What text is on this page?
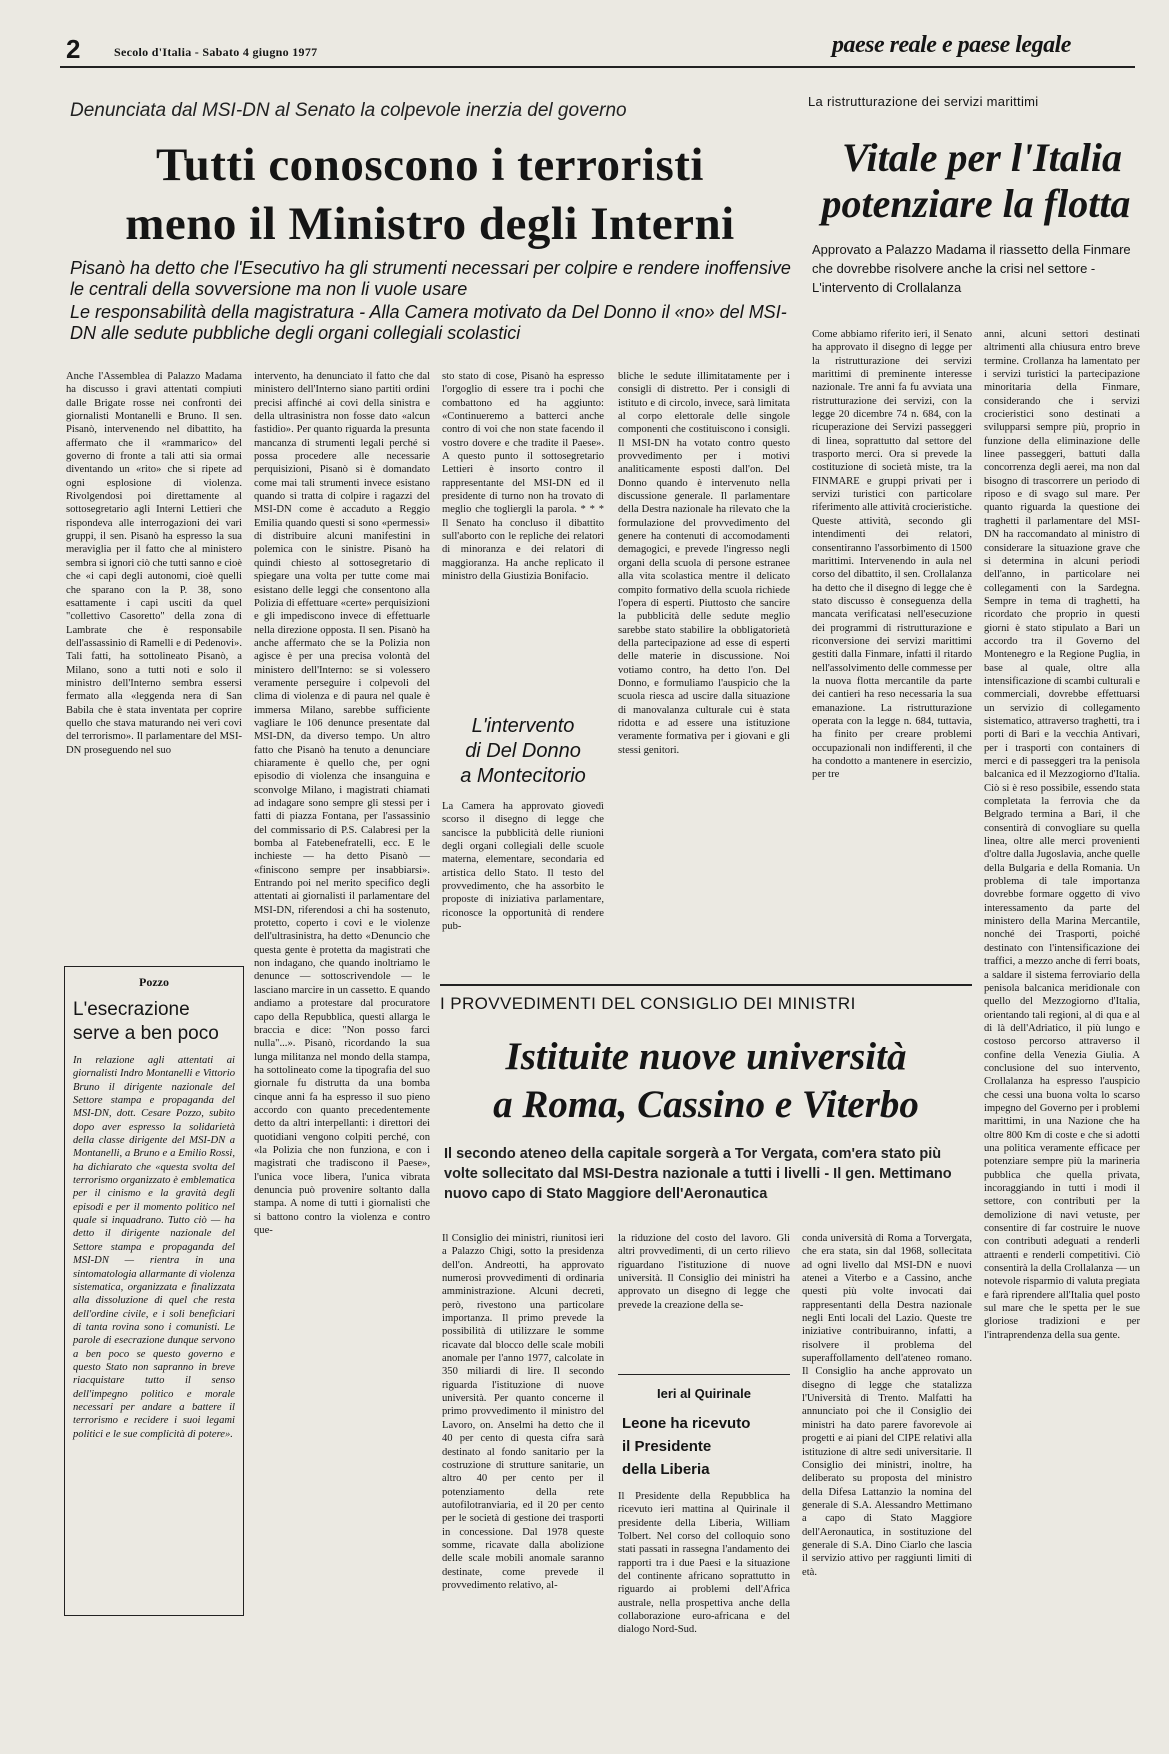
2	Secolo d'Italia - Sabato 4 giugno 1977	paese reale e paese legale
Denunciata dal MSI-DN al Senato la colpevole inerzia del governo
Tutti conoscono i terroristi
meno il Ministro degli Interni
Pisanò ha detto che l'Esecutivo ha gli strumenti necessari per colpire e rendere inoffensive le centrali della sovversione ma non li vuole usare
Le responsabilità della magistratura - Alla Camera motivato da Del Donno il «no» del MSI-DN alle sedute pubbliche degli organi collegiali scolastici
Anche l'Assemblea di Palazzo Madama ha discusso i gravi attentati compiuti dalle Brigate rosse nei confronti dei giornalisti Montanelli e Bruno. Il sen. Pisanò, intervenendo nel dibattito, ha affermato che il «rammarico» del governo di fronte a tali atti sia ormai diventando un «rito» che si ripete ad ogni esplosione di violenza. Rivolgendosi poi direttamente al sottosegretario agli Interni Lettieri che rispondeva alle interrogazioni dei vari gruppi, il sen. Pisanò ha espresso la sua meraviglia per il fatto che al ministero sembra si ignori ciò che tutti sanno e cioè che «i capi degli autonomi, cioè quelli che sparano con la P. 38, sono esattamente i capi usciti da quel "collettivo Casoretto" della zona di Lambrate che è responsabile dell'assassinio di Ramelli e di Pedenovi». Tali fatti, ha sottolineato Pisanò, a Milano, sono a tutti noti e solo il ministro dell'Interno sembra essersi fermato alla «leggenda nera di San Babila che è stata inventata per coprire quello che stava maturando nei veri covi del terrorismo». Il parlamentare del MSI-DN proseguendo nel suo
intervento, ha denunciato il fatto che dal ministero dell'Interno siano partiti ordini precisi affinché ai covi della sinistra e della ultrasinistra non fosse dato «alcun fastidio». Per quanto riguarda la presunta mancanza di strumenti legali perché si possa procedere alle necessarie perquisizioni, Pisanò si è domandato come mai tali strumenti invece esistano quando si tratta di colpire i ragazzi del MSI-DN come è accaduto a Reggio Emilia quando questi si sono «permessi» di distribuire alcuni manifestini in polemica con le sinistre. Pisanò ha quindi chiesto al sottosegretario di spiegare una volta per tutte come mai esistano delle leggi che consentono alla Polizia di effettuare «certe» perquisizioni e gli impediscono invece di effettuarle nella direzione opposta. Il sen. Pisanò ha anche affermato che se la Polizia non agisce è per una precisa volontà del ministero dell'Interno: se si volessero veramente perseguire i colpevoli del clima di violenza e di paura nel quale è immersa Milano, sarebbe sufficiente vagliare le 106 denunce presentate dal MSI-DN, da diverso tempo. Un altro fatto che Pisanò ha tenuto a denunciare chiaramente è quello che, per ogni episodio di violenza che insanguina e sconvolge Milano, i magistrati chiamati ad indagare sono sempre gli stessi per i fatti di piazza Fontana, per l'assassinio del commissario di P.S. Calabresi per la bomba al Fatebenefratelli, ecc. E le inchieste — ha detto Pisanò — «finiscono sempre per insabbiarsi». Entrando poi nel merito specifico degli attentati ai giornalisti il parlamentare del MSI-DN, riferendosi a chi ha sostenuto, protetto, coperto i covi e le violenze dell'ultrasinistra, ha detto «Denuncio che questa gente è protetta da magistrati che non indagano, che quando inoltriamo le denunce — sottoscrivendole — le lasciano marcire in un cassetto. E quando andiamo a protestare dal procuratore capo della Repubblica, questi allarga le braccia e dice: "Non posso farci nulla"...». Pisanò, ricordando la sua lunga militanza nel mondo della stampa, ha sottolineato come la tipografia del suo giornale fu distrutta da una bomba cinque anni fa ha espresso il suo pieno accordo con quanto precedentemente detto da altri interpellanti: i direttori dei quotidiani vengono colpiti perché, con «la Polizia che non funziona, e con i magistrati che tradiscono il Paese», l'unica voce libera, l'unica vibrata denuncia può provenire soltanto dalla stampa. A nome di tutti i giornalisti che si battono contro la violenza e contro que-
sto stato di cose, Pisanò ha espresso l'orgoglio di essere tra i pochi che combattono ed ha aggiunto: «Continueremo a batterci anche contro di voi che non state facendo il vostro dovere e che tradite il Paese». A questo punto il sottosegretario Lettieri è insorto contro il rappresentante del MSI-DN ed il presidente di turno non ha trovato di meglio che togliergli la parola. * * * Il Senato ha concluso il dibattito sull'aborto con le repliche dei relatori di minoranza e dei relatori di maggioranza. Ha anche replicato il ministro della Giustizia Bonifacio.
bliche le sedute illimitatamente per i consigli di distretto. Per i consigli di istituto e di circolo, invece, sarà limitata al corpo elettorale delle singole componenti che costituiscono i consigli. Il MSI-DN ha votato contro questo provvedimento per i motivi analiticamente esposti dall'on. Del Donno quando è intervenuto nella discussione generale. Il parlamentare della Destra nazionale ha rilevato che la formulazione del provvedimento del genere ha contenuti di accomodamenti demagogici, e prevede l'ingresso negli organi della scuola di persone estranee alla vita scolastica mentre il delicato compito formativo della scuola richiede l'opera di esperti. Piuttosto che sancire la pubblicità delle sedute meglio sarebbe stato stabilire la obbligatorietà della partecipazione ad esse di esperti delle materie in discussione. Noi votiamo contro, ha detto l'on. Del Donno, e formuliamo l'auspicio che la scuola riesca ad uscire dalla situazione di manovalanza culturale cui è stata ridotta e ad essere una istituzione veramente formativa per i giovani e gli stessi genitori.
L'intervento
di Del Donno
a Montecitorio
La Camera ha approvato giovedì scorso il disegno di legge che sancisce la pubblicità delle riunioni degli organi collegiali delle scuole materna, elementare, secondaria ed artistica dello Stato. Il testo del provvedimento, che ha assorbito le proposte di iniziativa parlamentare, riconosce la opportunità di rendere pub-
Pozzo
L'esecrazione serve a ben poco
In relazione agli attentati ai giornalisti Indro Montanelli e Vittorio Bruno il dirigente nazionale del Settore stampa e propaganda del MSI-DN, dott. Cesare Pozzo, subito dopo aver espresso la solidarietà della classe dirigente del MSI-DN a Montanelli, a Bruno e a Emilio Rossi, ha dichiarato che «questa svolta del terrorismo organizzato è emblematica per il cinismo e la gravità degli episodi e per il momento politico nel quale si inquadrano. Tutto ciò — ha detto il dirigente nazionale del Settore stampa e propaganda del MSI-DN — rientra in una sintomatologia allarmante di violenza sistematica, organizzata e finalizzata alla dissoluzione di quel che resta dell'ordine civile, e i soli beneficiari di tanta rovina sono i comunisti. Le parole di esecrazione dunque servono a ben poco se questo governo e questo Stato non sapranno in breve riacquistare tutto il senso dell'impegno politico e morale necessari per andare a battere il terrorismo e recidere i suoi legami politici e le sue complicità di potere».
La ristrutturazione dei servizi marittimi
Vitale per l'Italia
potenziare la flotta
Approvato a Palazzo Madama il riassetto della Finmare che dovrebbe risolvere anche la crisi nel settore - L'intervento di Crollalanza
Come abbiamo riferito ieri, il Senato ha approvato il disegno di legge per la ristrutturazione dei servizi marittimi di preminente interesse nazionale. Tre anni fa fu avviata una ristrutturazione dei servizi, con la legge 20 dicembre 74 n. 684, con la ricuperazione dei Servizi passeggeri di linea, soprattutto dal settore del trasporto merci. Ora si prevede la costituzione di società miste, tra la FINMARE e gruppi privati per i servizi turistici con particolare riferimento alle attività crocieristiche. Queste attività, secondo gli intendimenti dei relatori, consentiranno l'assorbimento di 1500 marittimi. Intervenendo in aula nel corso del dibattito, il sen. Crollalanza ha detto che il disegno di legge che è stato discusso è conseguenza della mancata verificatasi nell'esecuzione dei programmi di ristrutturazione e riconversione dei servizi marittimi gestiti dalla Finmare, infatti il ritardo nell'assolvimento delle commesse per la nuova flotta mercantile da parte dei cantieri ha reso necessaria la sua emanazione. La ristrutturazione operata con la legge n. 684, tuttavia, ha finito per creare problemi occupazionali non indifferenti, il che ha condotto a mantenere in esercizio, per tre
anni, alcuni settori destinati altrimenti alla chiusura entro breve termine. Crollanza ha lamentato per i servizi turistici la partecipazione minoritaria della Finmare, considerando che i servizi crocieristici sono destinati a svilupparsi sempre più, proprio in funzione della eliminazione delle linee passeggeri, battuti dalla concorrenza degli aerei, ma non dal bisogno di trascorrere un periodo di riposo e di svago sul mare. Per quanto riguarda la questione dei traghetti il parlamentare del MSI-DN ha raccomandato al ministro di considerare la situazione grave che si determina in alcuni periodi dell'anno, in particolare nei collegamenti con la Sardegna. Sempre in tema di traghetti, ha ricordato che proprio in questi giorni è stato stipulato a Bari un accordo tra il Governo del Montenegro e la Regione Puglia, in base al quale, oltre alla intensificazione di scambi culturali e commerciali, dovrebbe effettuarsi un servizio di collegamento sistematico, attraverso traghetti, tra i porti di Bari e la vecchia Antivari, per i trasporti con containers di merci e di passeggeri tra la penisola balcanica ed il Mezzogiorno d'Italia. Ciò si è reso possibile, essendo stata completata la ferrovia che da Belgrado termina a Bari, il che consentirà di convogliare su quella linea, oltre alle merci provenienti d'oltre dalla Jugoslavia, anche quelle della Bulgaria e della Romania. Un problema di tale importanza dovrebbe formare oggetto di vivo interessamento da parte del ministero della Marina Mercantile, nonché dei Trasporti, poiché destinato con l'intensificazione dei traffici, a mezzo anche di ferri boats, a saldare il sistema ferroviario della penisola balcanica meridionale con quello del Mezzogiorno d'Italia, orientando tali regioni, al di qua e al di là dell'Adriatico, il più lungo e costoso percorso attraverso il confine della Venezia Giulia. A conclusione del suo intervento, Crollalanza ha espresso l'auspicio che cessi una buona volta lo scarso impegno del Governo per i problemi marittimi, in una Nazione che ha oltre 800 Km di coste e che si adotti una politica veramente efficace per potenziare sempre più la marineria pubblica che quella privata, incoraggiando in tutti i modi il settore, con contributi per la demolizione di navi vetuste, per consentire di far costruire le nuove con contributi adeguati a renderli attraenti e renderli competitivi. Ciò consentirà la della Crollalanza — un notevole risparmio di valuta pregiata e farà riprendere all'Italia quel posto sul mare che le spetta per le sue gloriose tradizioni e per l'intraprendenza della sua gente.
I PROVVEDIMENTI DEL CONSIGLIO DEI MINISTRI
Istituite nuove università
a Roma, Cassino e Viterbo
Il secondo ateneo della capitale sorgerà a Tor Vergata, com'era stato più volte sollecitato dal MSI-Destra nazionale a tutti i livelli - Il gen. Mettimano nuovo capo di Stato Maggiore dell'Aeronautica
Il Consiglio dei ministri, riunitosi ieri a Palazzo Chigi, sotto la presidenza dell'on. Andreotti, ha approvato numerosi provvedimenti di ordinaria amministrazione. Alcuni decreti, però, rivestono una particolare importanza. Il primo prevede la possibilità di utilizzare le somme ricavate dal blocco delle scale mobili anomale per l'anno 1977, calcolate in 350 miliardi di lire. Il secondo riguarda l'istituzione di nuove università. Per quanto concerne il primo provvedimento il ministro del Lavoro, on. Anselmi ha detto che il 40 per cento di questa cifra sarà destinato al fondo sanitario per la costruzione di strutture sanitarie, un altro 40 per cento per il potenziamento della rete autofilotranviaria, ed il 20 per cento per le società di gestione dei trasporti in concessione. Dal 1978 queste somme, ricavate dalla abolizione delle scale mobili anomale saranno destinate, come prevede il provvedimento relativo, al-
la riduzione del costo del lavoro. Gli altri provvedimenti, di un certo rilievo riguardano l'istituzione di nuove università. Il Consiglio dei ministri ha approvato un disegno di legge che prevede la creazione della se-
conda università di Roma a Torvergata, che era stata, sin dal 1968, sollecitata ad ogni livello dal MSI-DN e nuovi atenei a Viterbo e a Cassino, anche questi più volte invocati dai rappresentanti della Destra nazionale negli Enti locali del Lazio. Queste tre iniziative contribuiranno, infatti, a risolvere il problema del superaffollamento dell'ateneo romano. Il Consiglio ha anche approvato un disegno di legge che statalizza l'Università di Trento. Malfatti ha annunciato poi che il Consiglio dei ministri ha dato parere favorevole ai progetti e ai piani del CIPE relativi alla istituzione di altre sedi universitarie. Il Consiglio dei ministri, inoltre, ha deliberato su proposta del ministro della Difesa Lattanzio la nomina del generale di S.A. Alessandro Mettimano a capo di Stato Maggiore dell'Aeronautica, in sostituzione del generale di S.A. Dino Ciarlo che lascia il servizio attivo per raggiunti limiti di età.
Ieri al Quirinale
Leone ha ricevuto
il Presidente
della Liberia
Il Presidente della Repubblica ha ricevuto ieri mattina al Quirinale il presidente della Liberia, William Tolbert. Nel corso del colloquio sono stati passati in rassegna l'andamento dei rapporti tra i due Paesi e la situazione del continente africano soprattutto in riguardo ai problemi dell'Africa australe, nella prospettiva anche della collaborazione euro-africana e del dialogo Nord-Sud.
